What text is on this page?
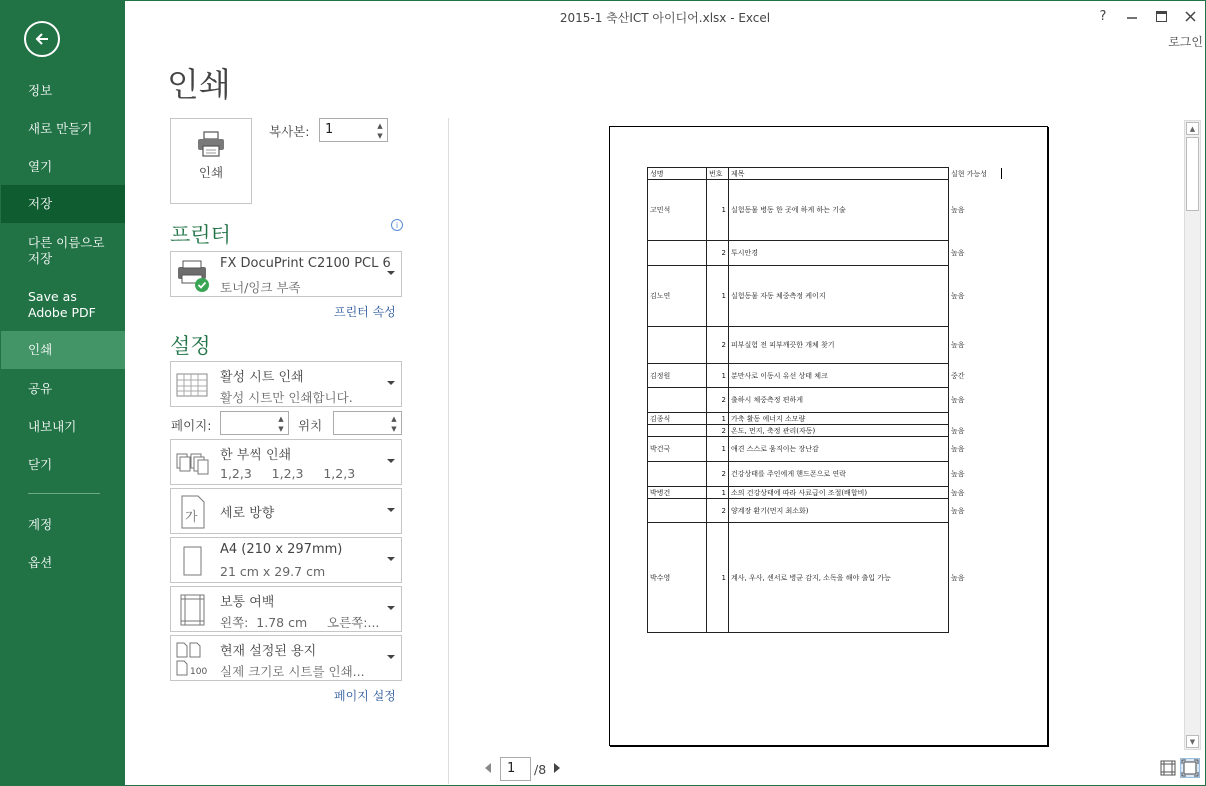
정보
새로 만들기
열기
저장
다른 이름으로 저장
Save as Adobe PDF
인쇄
공유
내보내기
닫기
계정
옵션
2015-1 축산ICT 아이디어.xlsx - Excel	?
로그인
인쇄
인쇄
복사본:	1	▲
▼
프린터	i
FX DocuPrint C2100 PCL 6
토너/잉크 부족
프린터 속성
설정
활성 시트 인쇄
활성 시트만 인쇄합니다.
페이지:	▲
▼ 위치	▲
▼
한 부씩 인쇄
1,2,3     1,2,3     1,2,3
가 세로 방향
A4 (210 x 297mm)
21 cm x 29.7 cm
보통 여백
왼쪽:  1.78 cm     오른쪽:...
100
현재 설정된 용지
실제 크기로 시트를 인쇄...
페이지 설정
성명	번호	제목	실현 가능성
고민석	1	실험동물 병동 한 곳에 하게 하는 기술	높음
	2	투시안경	높음
김노연	1	실험동물 자동 체중측정 케이지	높음
	2	피부실험 전 피부깨끗한 개체 찾기	높음
김정원	1	분만사로 이동시 유선 상태 체크	중간
	2	출하시 체중측정 편하게	높음
김종식	1	가축 활동 에너지 소모량	
	2	온도, 먼지, 축정 관리(자동)	높음
박건국	1	애견 스스로 움직이는 장난감	높음
	2	건강상태를 주인에게 핸드폰으로 연락	높음
박병건	1	소의 건강상태에 따라 사료급이 조절(배합비)	높음
	2	양계장 환기(먼지 최소화)	높음
박수영	1	계사, 우사, 센서로 병균 감지, 소독을 해야 출입 가능	높음
▲
▼
1	/8
